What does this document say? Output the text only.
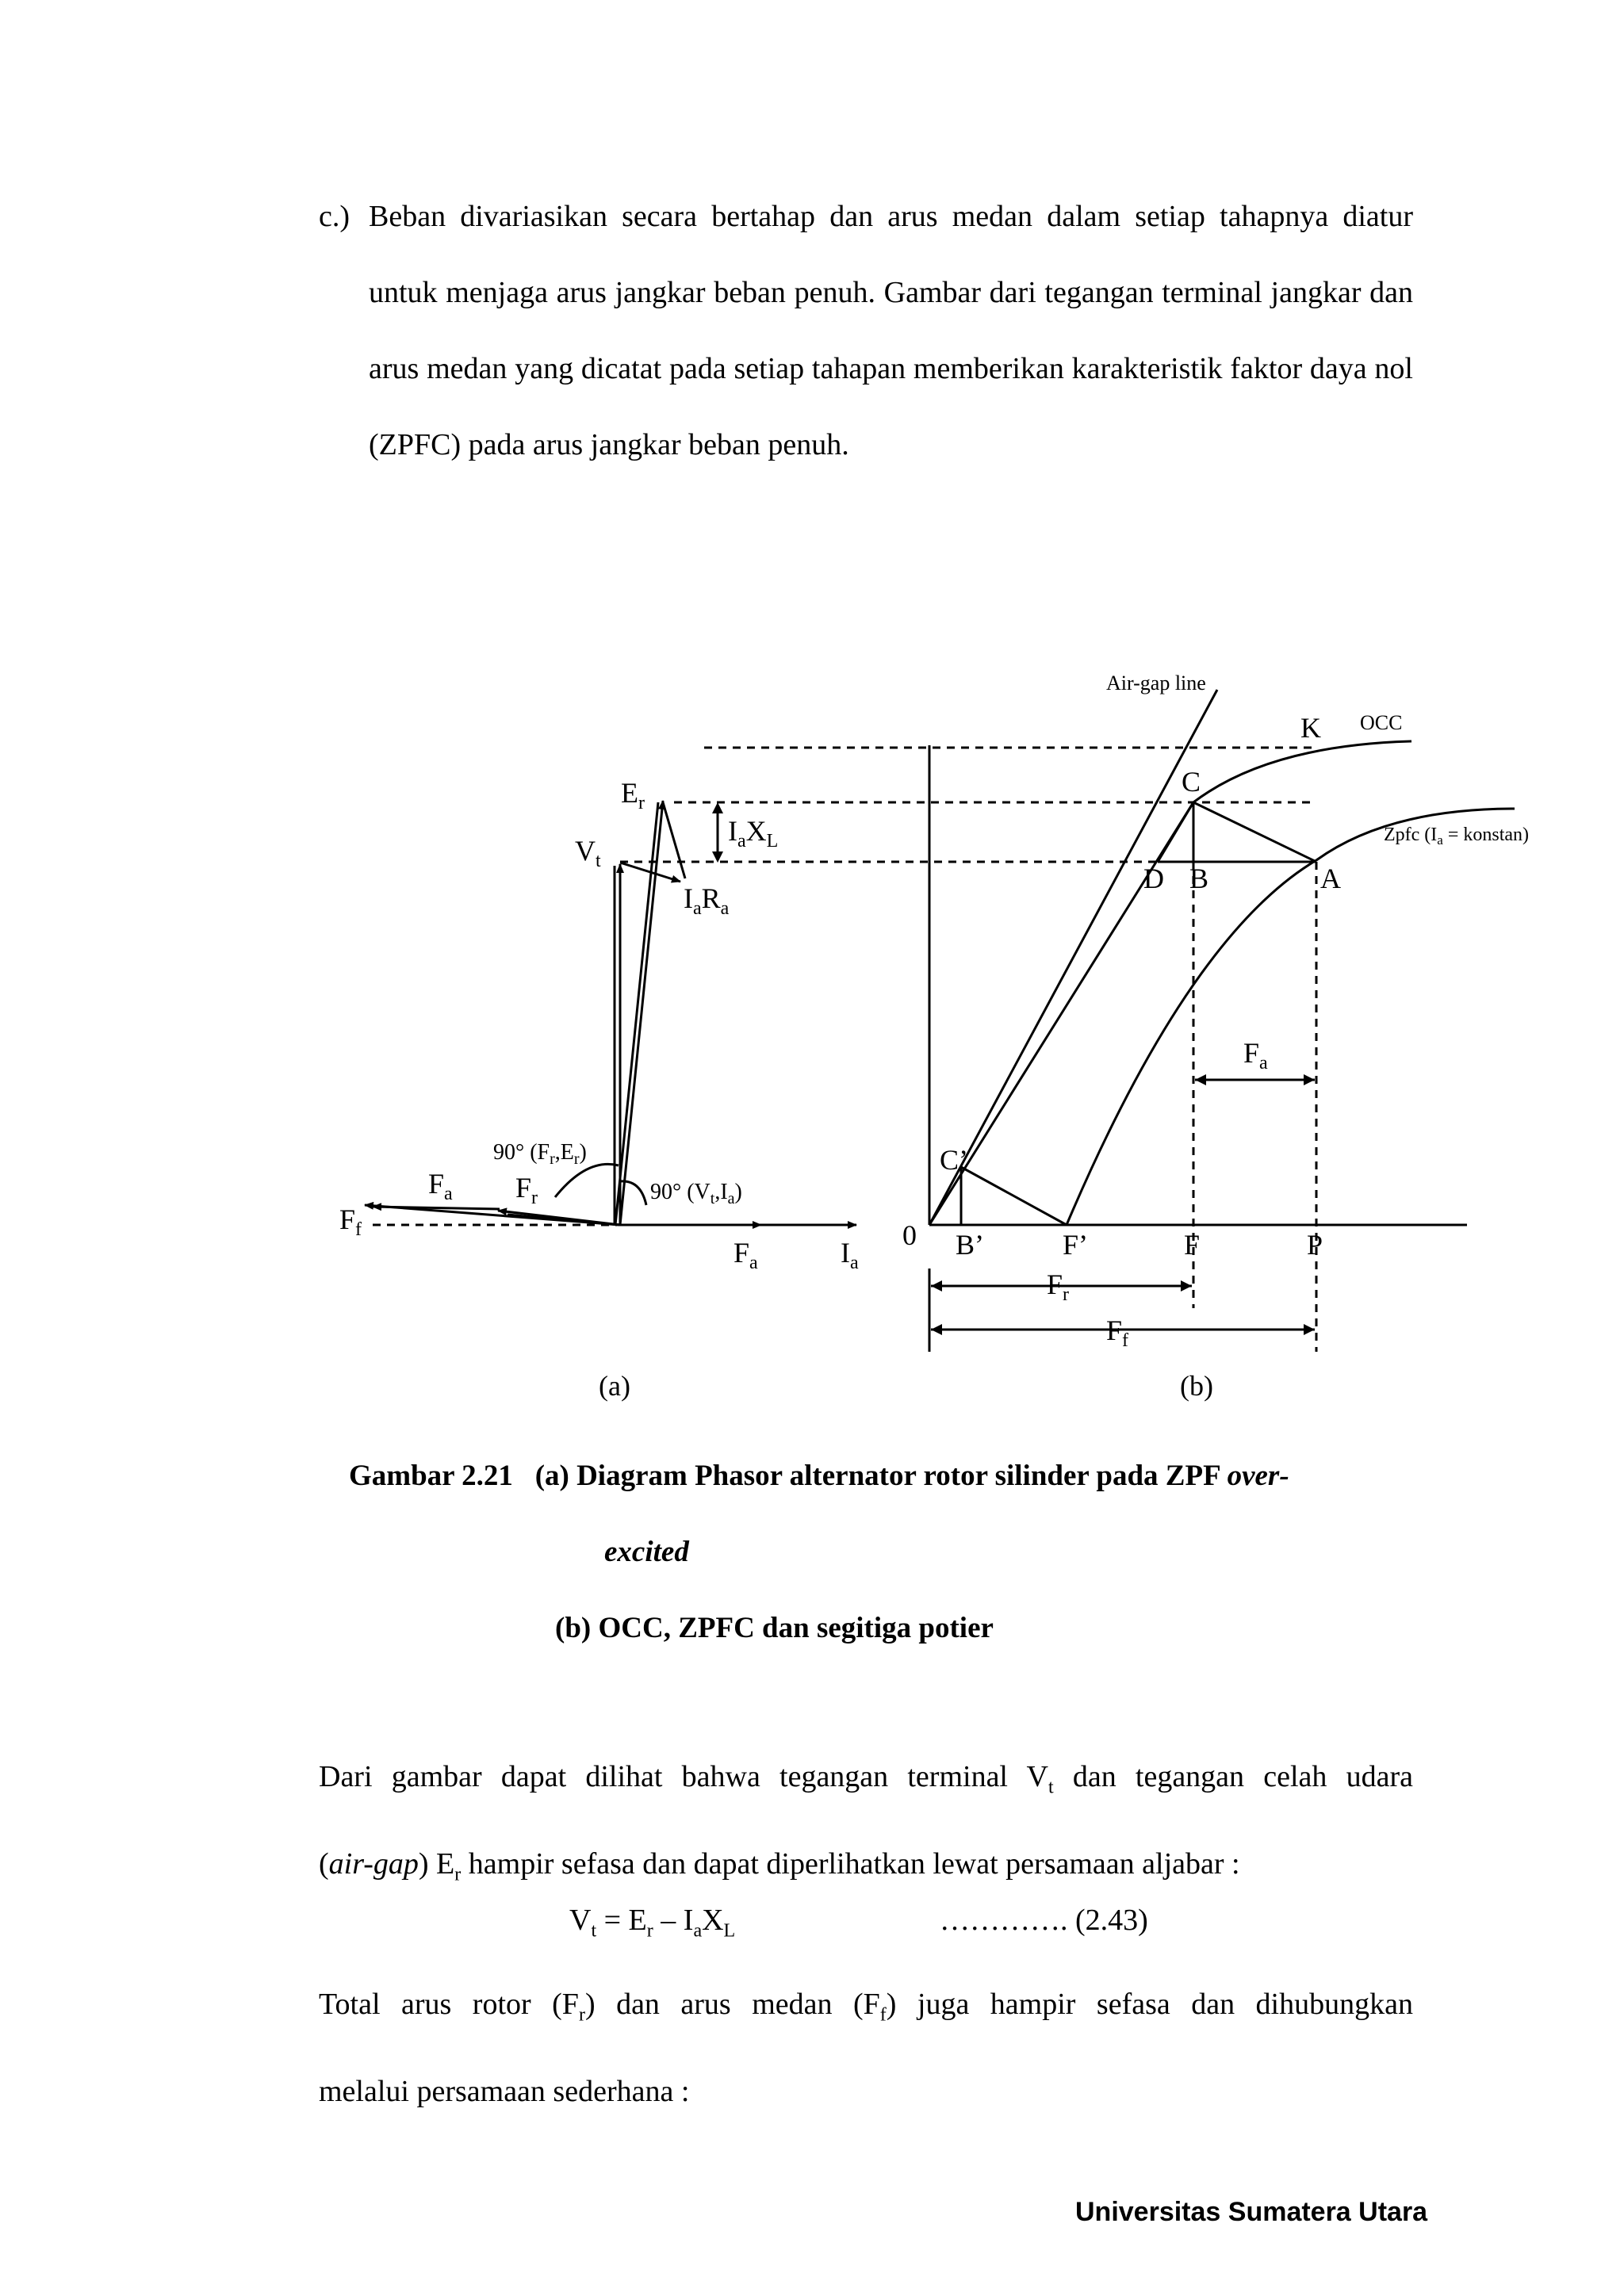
c.) Beban divariasikan secara bertahap dan arus medan dalam setiap tahapnya diatur untuk menjaga arus jangkar beban penuh. Gambar dari tegangan terminal jangkar dan arus medan yang dicatat pada setiap tahapan memberikan karakteristik faktor daya nol (ZPFC) pada arus jangkar beban penuh.
$E_r$
$V_t$
$I_aX_L$
$I_aR_a$
90° $(F_r,E_r)$
90° $(V_t,I_a)$
$F_a$ $F_r$
$F_f$
$F_a$	$I_a$
(a)
Air-gap line
K OCC
C
D B	A
Zpfc ($I_a$ = konstan)
$F_a$
C’
0 B’	F’	F	P
$F_r$
$F_f$
(b)
Gambar 2.21 (a) Diagram Phasor alternator rotor silinder pada ZPF over-
excited
(b) OCC, ZPFC dan segitiga potier
Dari gambar dapat dilihat bahwa tegangan terminal $V_t$ dan tegangan celah udara
(air-gap) $E_r$ hampir sefasa dan dapat diperlihatkan lewat persamaan aljabar :
$V_t = E_r - I_aX_L$	…………. (2.43)
Total arus rotor $(F_r)$ dan arus medan $(F_f)$ juga hampir sefasa dan dihubungkan
melalui persamaan sederhana :
Universitas Sumatera Utara
